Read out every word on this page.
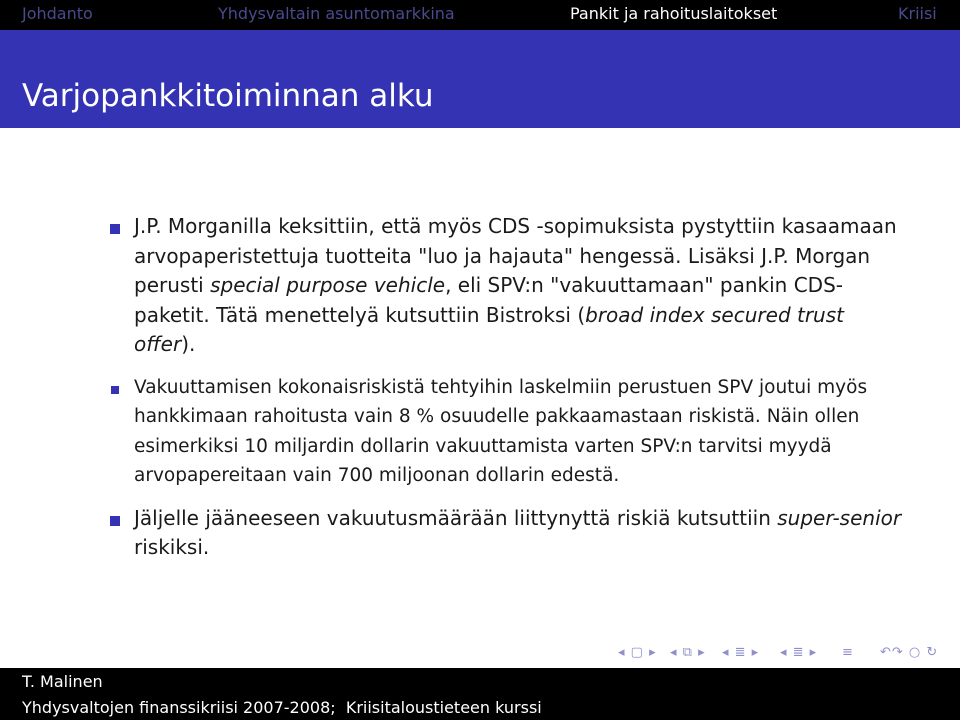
Johdanto	Yhdysvaltain asuntomarkkina	Pankit ja rahoituslaitokset	Kriisi
Varjopankkitoiminnan alku
J.P. Morganilla keksittiin, että myös CDS -sopimuksista pystyttiin kasaamaan arvopaperistettuja tuotteita "luo ja hajauta" hengessä. Lisäksi J.P. Morgan perusti special purpose vehicle, eli SPV:n "vakuuttamaan" pankin CDS-paketit. Tätä menettelyä kutsuttiin Bistroksi (broad index secured trust offer).
Vakuuttamisen kokonaisriskistä tehtyihin laskelmiin perustuen SPV joutui myös hankkimaan rahoitusta vain 8 % osuudelle pakkaamastaan riskistä. Näin ollen esimerkiksi 10 miljardin dollarin vakuuttamista varten SPV:n tarvitsi myydä arvopapereitaan vain 700 miljoonan dollarin edestä.
Jäljelle jääneeseen vakuutusmäärään liittynyttä riskiä kutsuttiin super-senior riskiksi.
◂ ▢ ▸ ◂ ⧉ ▸ ◂ ≣ ▸ ◂ ≣ ▸ ≡ ↶↷ ○ ↻
T. Malinen
Yhdysvaltojen finanssikriisi 2007-2008; Kriisitaloustieteen kurssi
